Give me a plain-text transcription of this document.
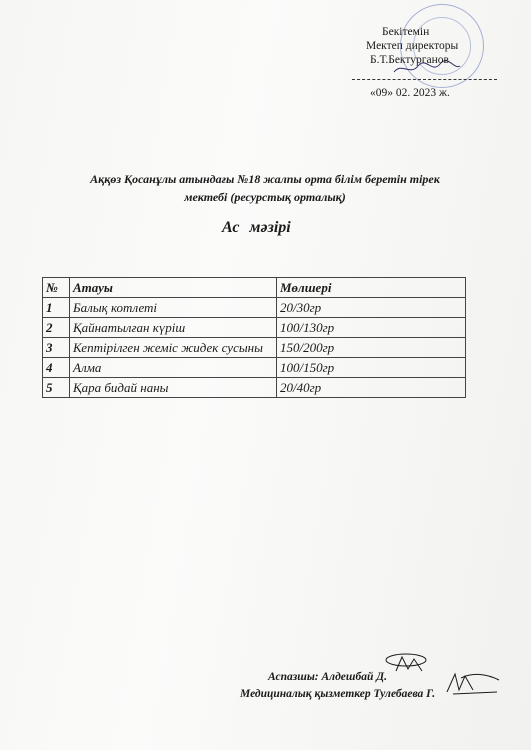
Бекітемін
Мектеп директоры
Б.Т.Бектурганов
«09» 02. 2023 ж.
Аққөз Қосанұлы атындағы №18 жалпы орта білім беретін тірек
мектебі (ресурстық орталық)
Ас мәзірі
№	Атауы	Мөлшері
1	Балық котлеті	20/30гр
2	Қайнатылған күріш	100/130гр
3	Кептірілген жеміс жидек сусыны	150/200гр
4	Алма	100/150гр
5	Қара бидай наны	20/40гр
Аспазшы: Алдешбай Д.
Медициналық қызметкер Тулебаева Г.
